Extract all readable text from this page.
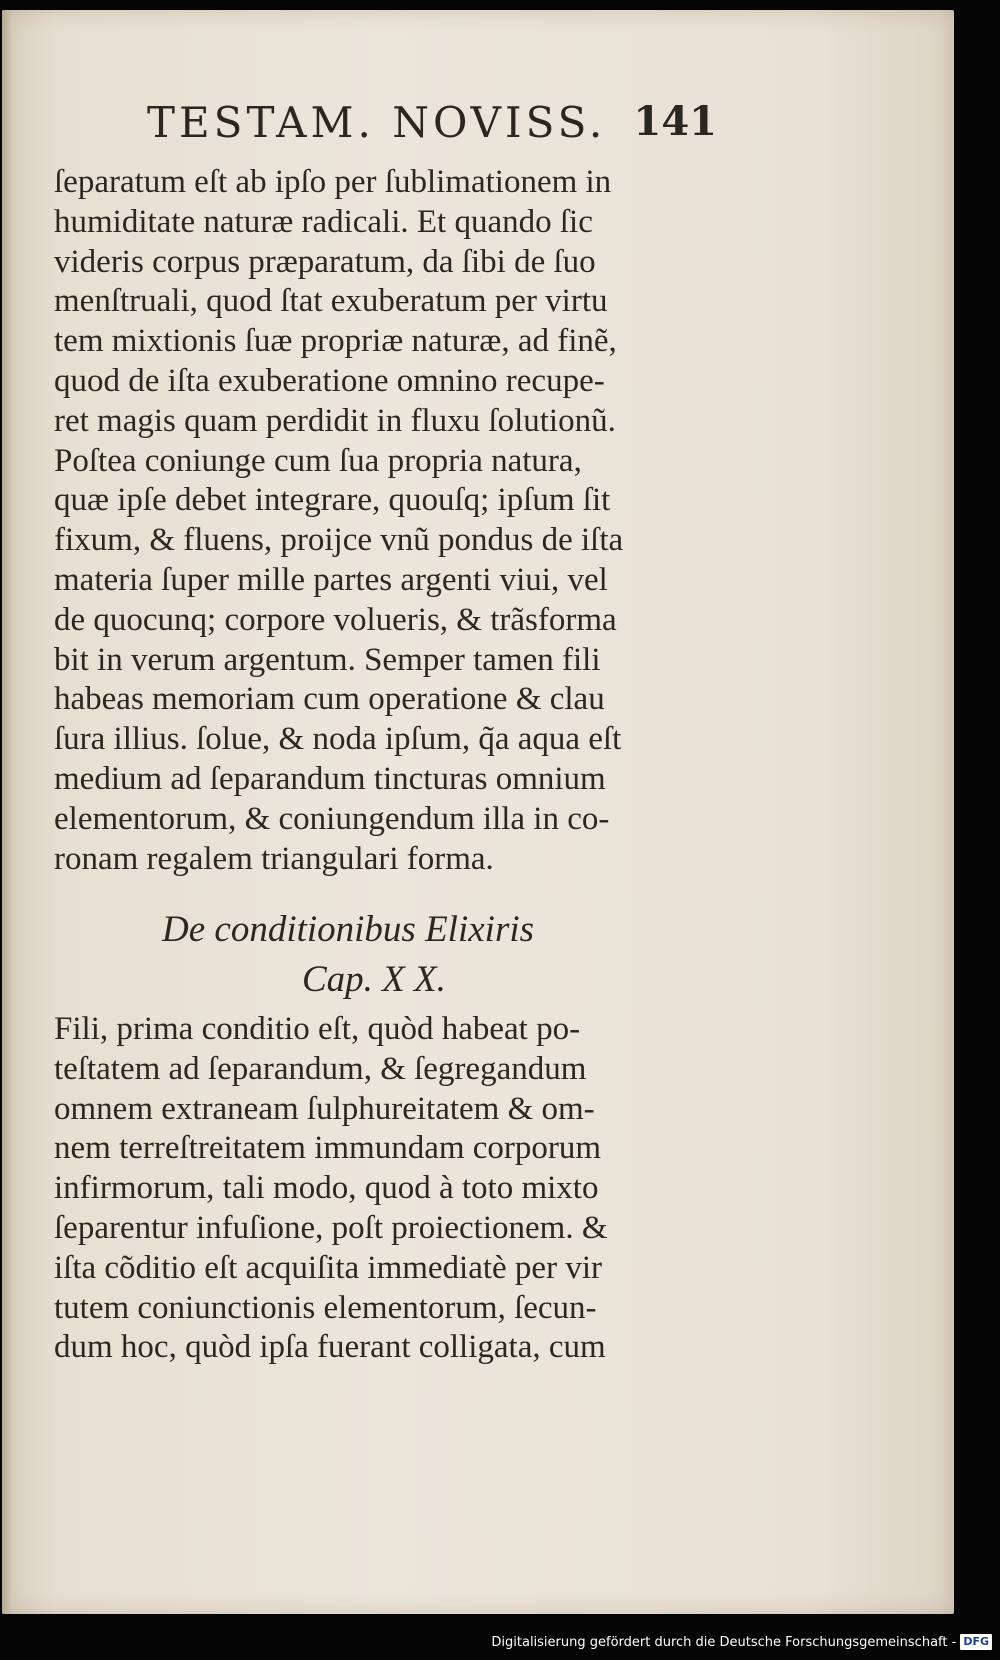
TESTAM. NOVISS. 141
ſeparatum eſt ab ipſo per ſublimationem in
humiditate naturæ radicali. Et quando ſic
videris corpus præparatum, da ſibi de ſuo
menſtruali, quod ſtat exuberatum per virtu
tem mixtionis ſuæ propriæ naturæ, ad finẽ,
quod de iſta exuberatione omnino recupe-
ret magis quam perdidit in fluxu ſolutionũ.
Poſtea coniunge cum ſua propria natura,
quæ ipſe debet integrare, quouſq; ipſum ſit
fixum, & fluens, proijce vnũ pondus de iſta
materia ſuper mille partes argenti viui, vel
de quocunq; corpore volueris, & trãsforma
bit in verum argentum. Semper tamen fili
habeas memoriam cum operatione & clau
ſura illius. ſolue, & noda ipſum, q̃a aqua eſt
medium ad ſeparandum tincturas omnium
elementorum, & coniungendum illa in co-
ronam regalem triangulari forma.
De conditionibus Elixiris
Cap. X X.
Fili, prima conditio eſt, quòd habeat po-
teſtatem ad ſeparandum, & ſegregandum
omnem extraneam ſulphureitatem & om-
nem terreſtreitatem immundam corporum
infirmorum, tali modo, quod à toto mixto
ſeparentur infuſione, poſt proiectionem. &
iſta cõditio eſt acquiſita immediatè per vir
tutem coniunctionis elementorum, ſecun-
dum hoc, quòd ipſa fuerant colligata, cum
Digitalisierung gefördert durch die Deutsche Forschungsgemeinschaft - DFG
